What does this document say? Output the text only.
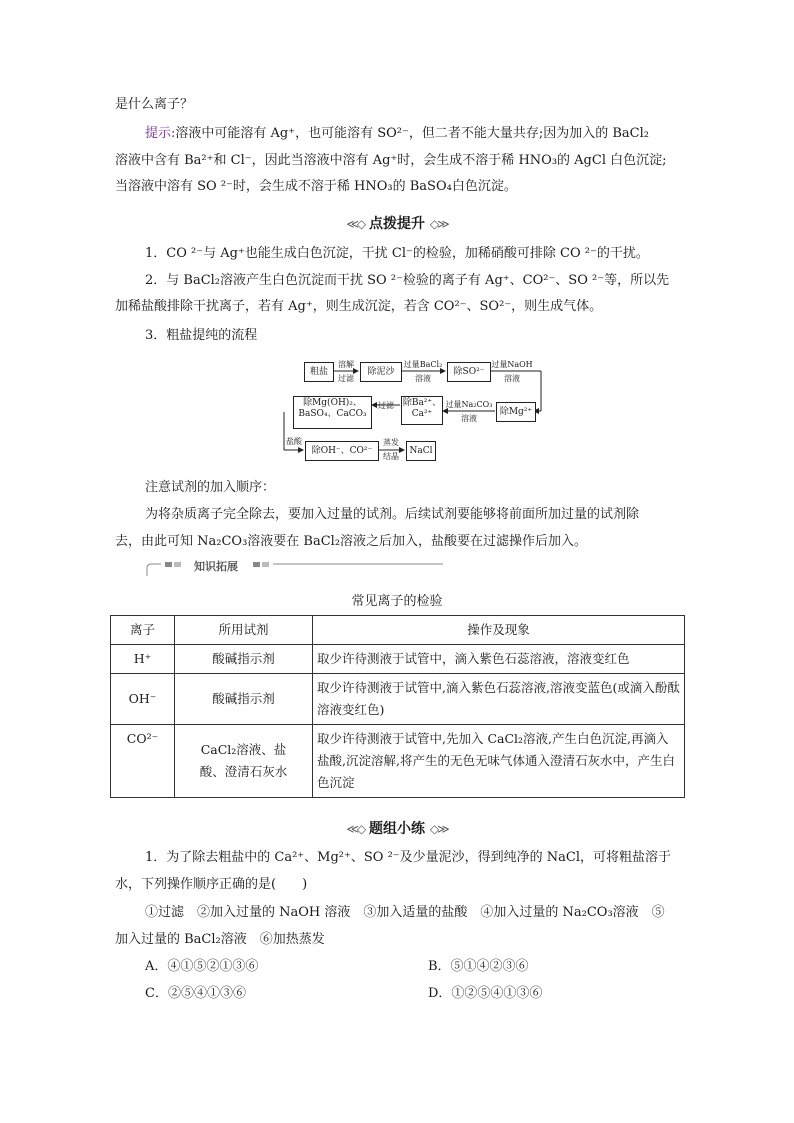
是什么离子？
提示:溶液中可能溶有 Ag⁺，也可能溶有 SO²⁻，但二者不能大量共存;因为加入的 BaCl₂
溶液中含有 Ba²⁺和 Cl⁻，因此当溶液中溶有 Ag⁺时，会生成不溶于稀 HNO₃的 AgCl 白色沉淀;
当溶液中溶有 SO ²⁻时，会生成不溶于稀 HNO₃的 BaSO₄白色沉淀。
≪◇ 点拨提升 ◇≫
1．CO ²⁻与 Ag⁺也能生成白色沉淀，干扰 Cl⁻的检验，加稀硝酸可排除 CO ²⁻的干扰。
2．与 BaCl₂溶液产生白色沉淀而干扰 SO ²⁻检验的离子有 Ag⁺、CO²⁻、SO ²⁻等，所以先
加稀盐酸排除干扰离子，若有 Ag⁺，则生成沉淀，若含 CO²⁻、SO²⁻，则生成气体。
3．粗盐提纯的流程
粗盐	除泥沙	除SO²⁻
除Mg²⁺
除Ba²⁺、Ca²⁺
除Mg(OH)₂、BaSO₄、CaCO₃
除OH⁻、CO²⁻	NaCl
溶解
过滤
过量BaCl₂
溶液
过量NaOH
溶液
过量Na₂CO₃
溶液
过滤
盐酸	蒸发
结晶
注意试剂的加入顺序：
为将杂质离子完全除去，要加入过量的试剂。后续试剂要能够将前面所加过量的试剂除
去，由此可知 Na₂CO₃溶液要在 BaCl₂溶液之后加入，盐酸要在过滤操作后加入。
知识拓展
常见离子的检验
离子	所用试剂	操作及现象
H⁺	酸碱指示剂	取少许待测液于试管中，滴入紫色石蕊溶液，溶液变红色
OH⁻	酸碱指示剂	取少许待测液于试管中,滴入紫色石蕊溶液,溶液变蓝色(或滴入酚酞溶液变红色)
CO²⁻	CaCl₂溶液、盐酸、澄清石灰水	取少许待测液于试管中,先加入 CaCl₂溶液,产生白色沉淀,再滴入盐酸,沉淀溶解,将产生的无色无味气体通入澄清石灰水中，产生白色沉淀
≪◇ 题组小练 ◇≫
1．为了除去粗盐中的 Ca²⁺、Mg²⁺、SO ²⁻及少量泥沙，得到纯净的 NaCl，可将粗盐溶于
水，下列操作顺序正确的是(　　)
①过滤　②加入过量的 NaOH 溶液　③加入适量的盐酸　④加入过量的 Na₂CO₃溶液　⑤
加入过量的 BaCl₂溶液　⑥加热蒸发
A．④①⑤②①③⑥	B．⑤①④②③⑥
C．②⑤④①③⑥	D．①②⑤④①③⑥
